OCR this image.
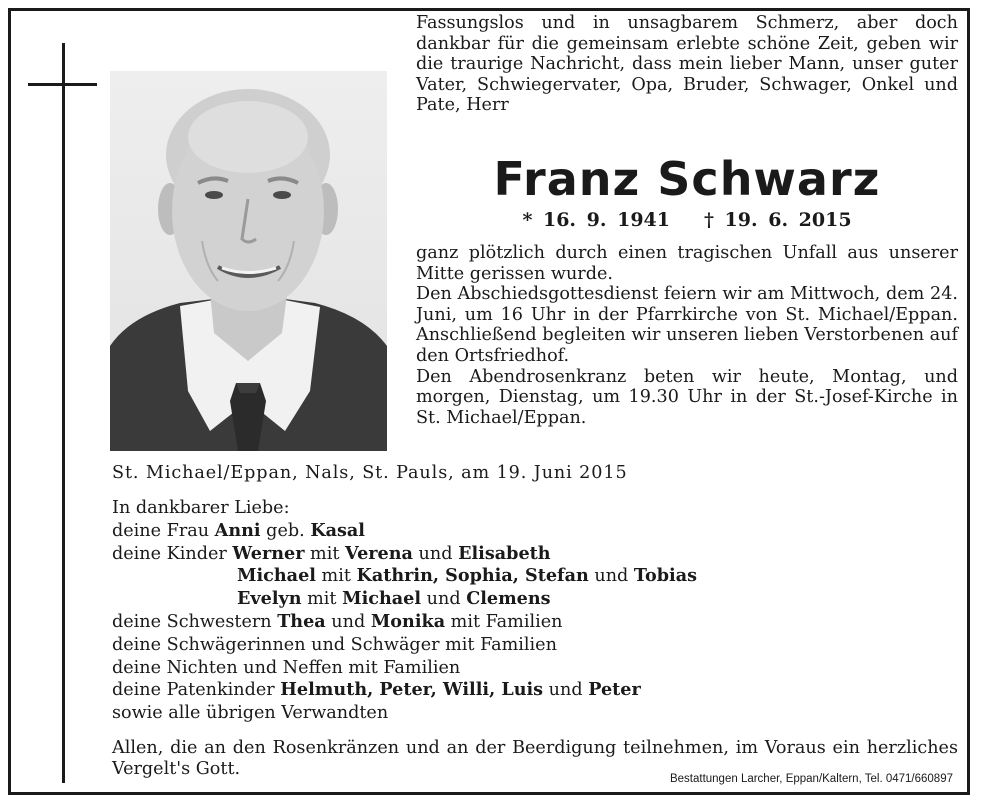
Fassungslos und in unsagbarem Schmerz, aber doch dankbar für die gemeinsam erlebte schöne Zeit, geben wir die traurige Nachricht, dass mein lieber Mann, unser guter Vater, Schwiegervater, Opa, Bruder, Schwager, Onkel und Pate, Herr

Franz Schwarz
* 16. 9. 1941 † 19. 6. 2015

ganz plötzlich durch einen tragischen Unfall aus unserer Mitte gerissen wurde.

Den Abschiedsgottesdienst feiern wir am Mittwoch, dem 24. Juni, um 16 Uhr in der Pfarrkirche von St. Michael/Eppan. Anschließend begleiten wir unseren lieben Verstorbenen auf den Ortsfriedhof.

Den Abendrosenkranz beten wir heute, Montag, und morgen, Dienstag, um 19.30 Uhr in der St.-Josef-Kirche in St. Michael/Eppan.

St. Michael/Eppan, Nals, St. Pauls, am 19. Juni 2015
In dankbarer Liebe:
deine Frau Anni geb. Kasal
deine Kinder Werner mit Verena und Elisabeth
Michael mit Kathrin, Sophia, Stefan und Tobias
Evelyn mit Michael und Clemens
deine Schwestern Thea und Monika mit Familien
deine Schwägerinnen und Schwäger mit Familien
deine Nichten und Neffen mit Familien
deine Patenkinder Helmuth, Peter, Willi, Luis und Peter
sowie alle übrigen Verwandten
Allen, die an den Rosenkränzen und an der Beerdigung teilnehmen, im Voraus ein herzliches Vergelt's Gott.	Bestattungen Larcher, Eppan/Kaltern, Tel. 0471/660897
